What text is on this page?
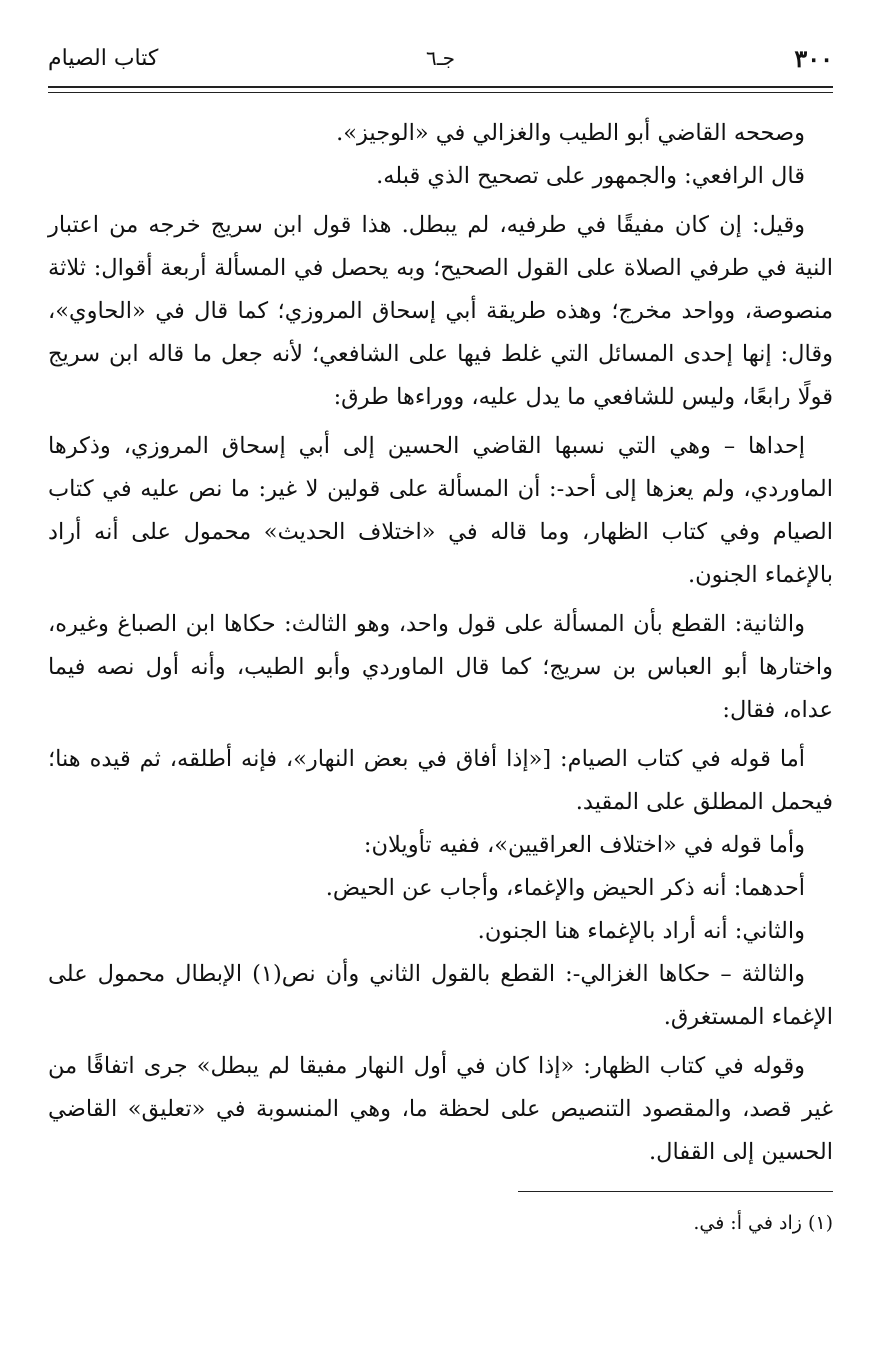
٣٠٠
جـ٦
كتاب الصيام

وصححه القاضي أبو الطيب والغزالي في «الوجيز».

قال الرافعي: والجمهور على تصحيح الذي قبله.

وقيل: إن كان مفيقًا في طرفيه، لم يبطل. هذا قول ابن سريج خرجه من اعتبار النية في طرفي الصلاة على القول الصحيح؛ وبه يحصل في المسألة أربعة أقوال: ثلاثة منصوصة، وواحد مخرج؛ وهذه طريقة أبي إسحاق المروزي؛ كما قال في «الحاوي»، وقال: إنها إحدى المسائل التي غلط فيها على الشافعي؛ لأنه جعل ما قاله ابن سريج قولًا رابعًا، وليس للشافعي ما يدل عليه، ووراءها طرق:

إحداها – وهي التي نسبها القاضي الحسين إلى أبي إسحاق المروزي، وذكرها الماوردي، ولم يعزها إلى أحد-: أن المسألة على قولين لا غير: ما نص عليه في كتاب الصيام وفي كتاب الظهار، وما قاله في «اختلاف الحديث» محمول على أنه أراد بالإغماء الجنون.

والثانية: القطع بأن المسألة على قول واحد، وهو الثالث: حكاها ابن الصباغ وغيره، واختارها أبو العباس بن سريج؛ كما قال الماوردي وأبو الطيب، وأنه أول نصه فيما عداه، فقال:

أما قوله في كتاب الصيام: [«إذا أفاق في بعض النهار»، فإنه أطلقه، ثم قيده هنا؛ فيحمل المطلق على المقيد.

وأما قوله في «اختلاف العراقيين»، ففيه تأويلان:

أحدهما: أنه ذكر الحيض والإغماء، وأجاب عن الحيض.

والثاني: أنه أراد بالإغماء هنا الجنون.

والثالثة – حكاها الغزالي-: القطع بالقول الثاني وأن نص(١) الإبطال محمول على الإغماء المستغرق.

وقوله في كتاب الظهار: «إذا كان في أول النهار مفيقا لم يبطل» جرى اتفاقًا من غير قصد، والمقصود التنصيص على لحظة ما، وهي المنسوبة في «تعليق» القاضي الحسين إلى القفال.

(١) زاد في أ: في.
